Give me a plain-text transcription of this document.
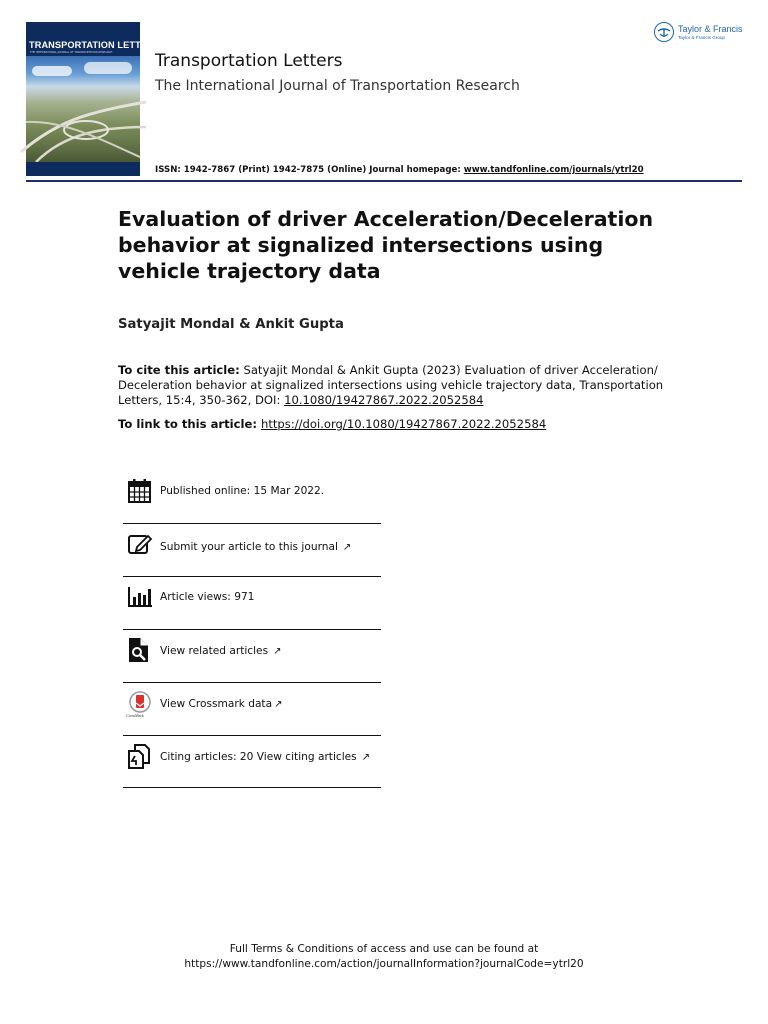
TRANSPORTATION LETTERS
THE INTERNATIONAL JOURNAL OF TRANSPORTATION RESEARCH	Transportation Letters
The International Journal of Transportation Research
ISSN: 1942-7867 (Print) 1942-7875 (Online) Journal homepage: www.tandfonline.com/journals/ytrl20
Taylor & Francis
Taylor & Francis Group
Evaluation of driver Acceleration/Deceleration behavior at signalized intersections using vehicle trajectory data
Satyajit Mondal & Ankit Gupta
To cite this article: Satyajit Mondal & Ankit Gupta (2023) Evaluation of driver Acceleration/ Deceleration behavior at signalized intersections using vehicle trajectory data, Transportation Letters, 15:4, 350-362, DOI: 10.1080/19427867.2022.2052584
To link to this article: https://doi.org/10.1080/19427867.2022.2052584
Published online: 15 Mar 2022.
Submit your article to this journal ↗
Article views: 971
View related articles ↗
CrossMark
View Crossmark data ↗
Citing articles: 20 View citing articles ↗
Full Terms & Conditions of access and use can be found at
https://www.tandfonline.com/action/journalInformation?journalCode=ytrl20
